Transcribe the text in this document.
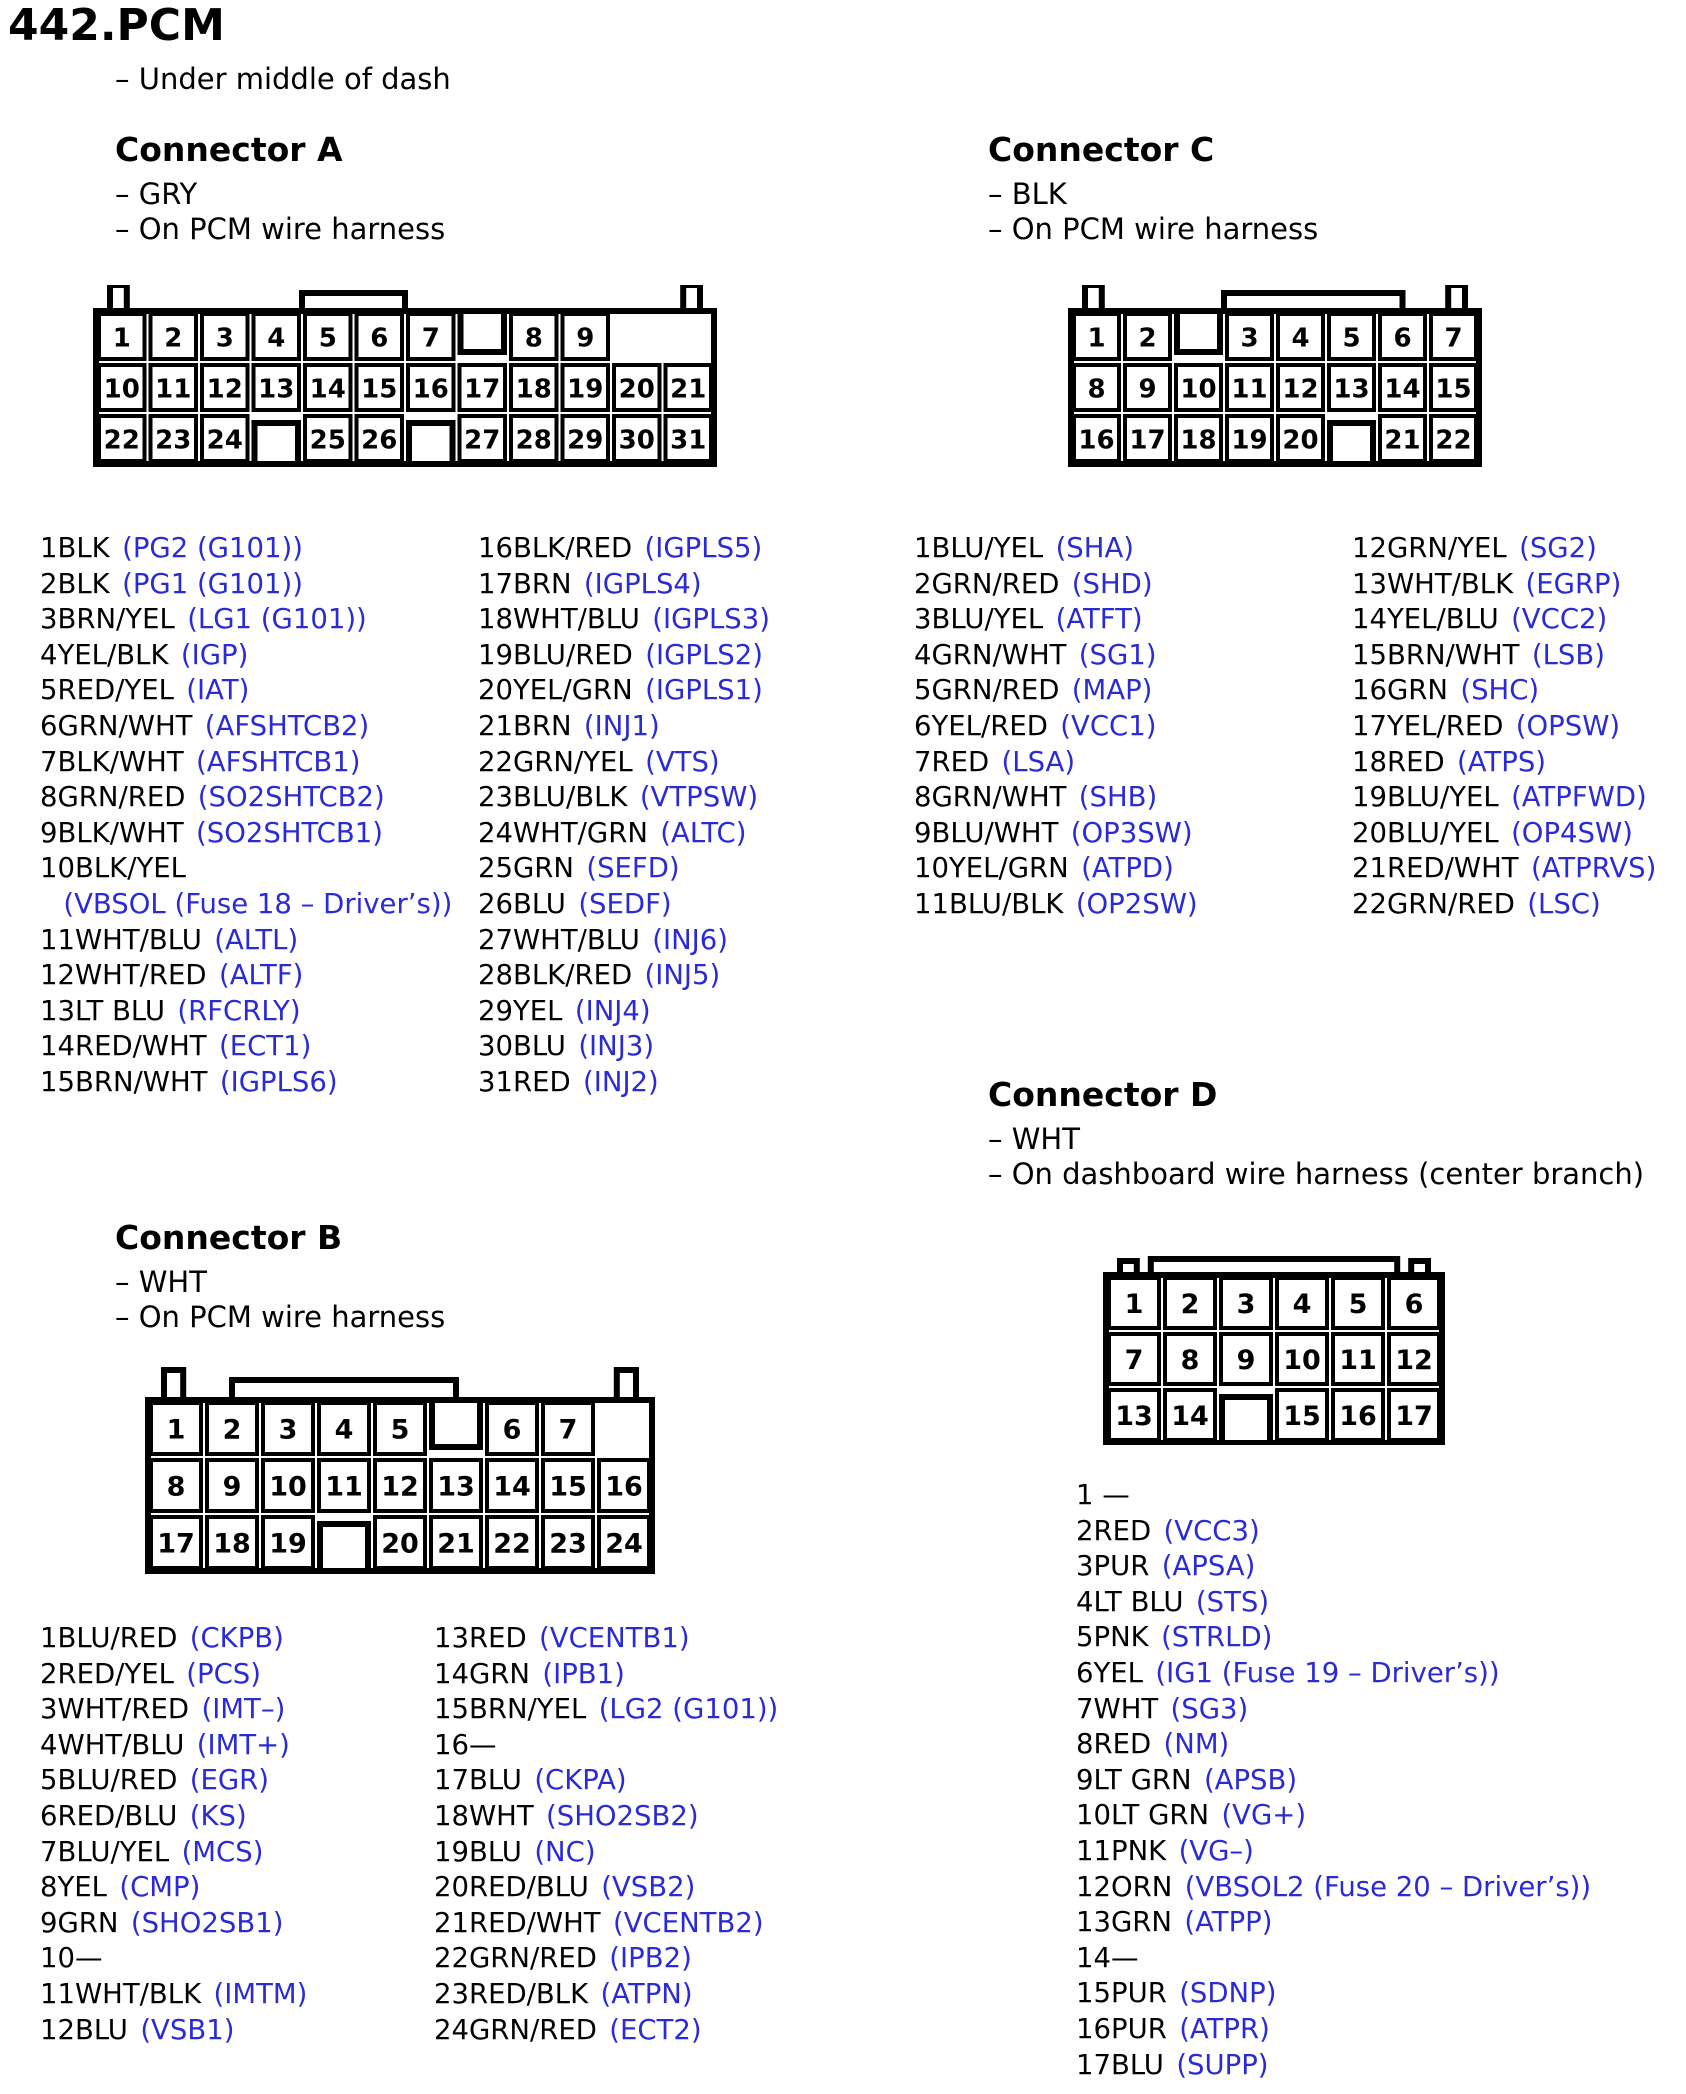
442.PCM
– Under middle of dash
Connector A
– GRY
– On PCM wire harness
Connector C
– BLK
– On PCM wire harness
Connector B
– WHT
– On PCM wire harness
Connector D
– WHT
– On dashboard wire harness (center branch)
1 2 3 4 5 6 7	8 9
10 11 12 13 14 15 16 17 18 19 20 21
22 23 24	25 26	27 28 29 30 31
1 2	3 4 5 6 7
8 9 10 11 12 13 14 15
16 17 18 19 20	21 22
1 2 3 4 5	6 7
8 9 10 11 12 13 14 15 16
17 18 19	20 21 22 23 24
1 2 3 4 5 6
7 8 9 10 11 12
13 14	15 16 17
1BLK (PG2 (G101))
2BLK (PG1 (G101))
3BRN/YEL (LG1 (G101))
4YEL/BLK (IGP)
5RED/YEL (IAT)
6GRN/WHT (AFSHTCB2)
7BLK/WHT (AFSHTCB1)
8GRN/RED (SO2SHTCB2)
9BLK/WHT (SO2SHTCB1)
10BLK/YEL
(VBSOL (Fuse 18 – Driver’s))
11WHT/BLU (ALTL)
12WHT/RED (ALTF)
13LT BLU (RFCRLY)
14RED/WHT (ECT1)
15BRN/WHT (IGPLS6)
16BLK/RED (IGPLS5)
17BRN (IGPLS4)
18WHT/BLU (IGPLS3)
19BLU/RED (IGPLS2)
20YEL/GRN (IGPLS1)
21BRN (INJ1)
22GRN/YEL (VTS)
23BLU/BLK (VTPSW)
24WHT/GRN (ALTC)
25GRN (SEFD)
26BLU (SEDF)
27WHT/BLU (INJ6)
28BLK/RED (INJ5)
29YEL (INJ4)
30BLU (INJ3)
31RED (INJ2)
1BLU/YEL (SHA)
2GRN/RED (SHD)
3BLU/YEL (ATFT)
4GRN/WHT (SG1)
5GRN/RED (MAP)
6YEL/RED (VCC1)
7RED (LSA)
8GRN/WHT (SHB)
9BLU/WHT (OP3SW)
10YEL/GRN (ATPD)
11BLU/BLK (OP2SW)
12GRN/YEL (SG2)
13WHT/BLK (EGRP)
14YEL/BLU (VCC2)
15BRN/WHT (LSB)
16GRN (SHC)
17YEL/RED (OPSW)
18RED (ATPS)
19BLU/YEL (ATPFWD)
20BLU/YEL (OP4SW)
21RED/WHT (ATPRVS)
22GRN/RED (LSC)
1BLU/RED (CKPB)
2RED/YEL (PCS)
3WHT/RED (IMT–)
4WHT/BLU (IMT+)
5BLU/RED (EGR)
6RED/BLU (KS)
7BLU/YEL (MCS)
8YEL (CMP)
9GRN (SHO2SB1)
10—
11WHT/BLK (IMTM)
12BLU (VSB1)
13RED (VCENTB1)
14GRN (IPB1)
15BRN/YEL (LG2 (G101))
16—
17BLU (CKPA)
18WHT (SHO2SB2)
19BLU (NC)
20RED/BLU (VSB2)
21RED/WHT (VCENTB2)
22GRN/RED (IPB2)
23RED/BLK (ATPN)
24GRN/RED (ECT2)
1 —
2RED (VCC3)
3PUR (APSA)
4LT BLU (STS)
5PNK (STRLD)
6YEL (IG1 (Fuse 19 – Driver’s))
7WHT (SG3)
8RED (NM)
9LT GRN (APSB)
10LT GRN (VG+)
11PNK (VG–)
12ORN (VBSOL2 (Fuse 20 – Driver’s))
13GRN (ATPP)
14—
15PUR (SDNP)
16PUR (ATPR)
17BLU (SUPP)
